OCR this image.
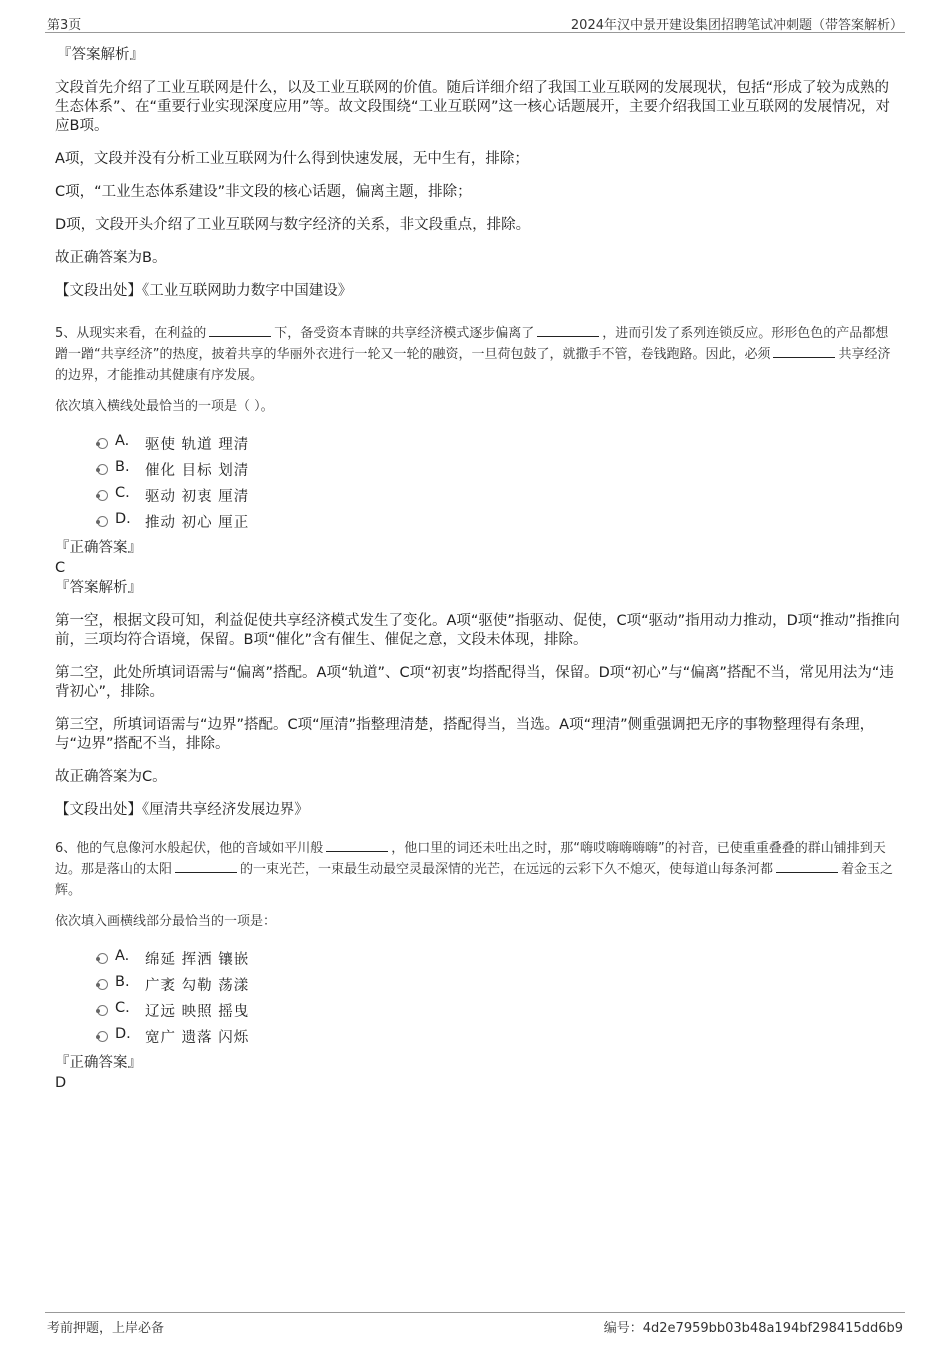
第3页	2024年汉中景开建设集团招聘笔试冲刺题（带答案解析）

『答案解析』

文段首先介绍了工业互联网是什么，以及工业互联网的价值。随后详细介绍了我国工业互联网的发展现状，包括“形成了较为成熟的生态体系”、在“重要行业实现深度应用”等。故文段围绕“工业互联网”这一核心话题展开，主要介绍我国工业互联网的发展情况，对应B项。

A项，文段并没有分析工业互联网为什么得到快速发展，无中生有，排除；

C项，“工业生态体系建设”非文段的核心话题，偏离主题，排除；

D项，文段开头介绍了工业互联网与数字经济的关系，非文段重点，排除。

故正确答案为B。

【文段出处】《工业互联网助力数字中国建设》

5、从现实来看，在利益的	下，备受资本青睐的共享经济模式逐步偏离了	，进而引发了系列连锁反应。形形色色的产品都想蹭一蹭“共享经济”的热度，披着共享的华丽外衣进行一轮又一轮的融资，一旦荷包鼓了，就撒手不管，卷钱跑路。因此，必须	共享经济的边界，才能推动其健康有序发展。

依次填入横线处最恰当的一项是（ ）。

A. 驱使 轨道 理清
B. 催化 目标 划清
C. 驱动 初衷 厘清
D. 推动 初心 厘正

『正确答案』

C

『答案解析』

第一空，根据文段可知，利益促使共享经济模式发生了变化。A项“驱使”指驱动、促使，C项“驱动”指用动力推动，D项“推动”指推向前，三项均符合语境，保留。B项“催化”含有催生、催促之意，文段未体现，排除。

第二空，此处所填词语需与“偏离”搭配。A项“轨道”、C项“初衷”均搭配得当，保留。D项“初心”与“偏离”搭配不当，常见用法为“违背初心”，排除。

第三空，所填词语需与“边界”搭配。C项“厘清”指整理清楚，搭配得当，当选。A项“理清”侧重强调把无序的事物整理得有条理，与“边界”搭配不当，排除。

故正确答案为C。

【文段出处】《厘清共享经济发展边界》

6、他的气息像河水般起伏，他的音域如平川般	，他口里的词还未吐出之时，那“嗨哎嗨嗨嗨嗨”的衬音，已使重重叠叠的群山铺排到天边。那是落山的太阳	的一束光芒，一束最生动最空灵最深情的光芒，在远远的云彩下久不熄灭，使每道山每条河都	着金玉之辉。

依次填入画横线部分最恰当的一项是：

A. 绵延 挥洒 镶嵌
B. 广袤 勾勒 荡漾
C. 辽远 映照 摇曳
D. 宽广 遗落 闪烁

『正确答案』

D

考前押题，上岸必备	编号：4d2e7959bb03b48a194bf298415dd6b9
